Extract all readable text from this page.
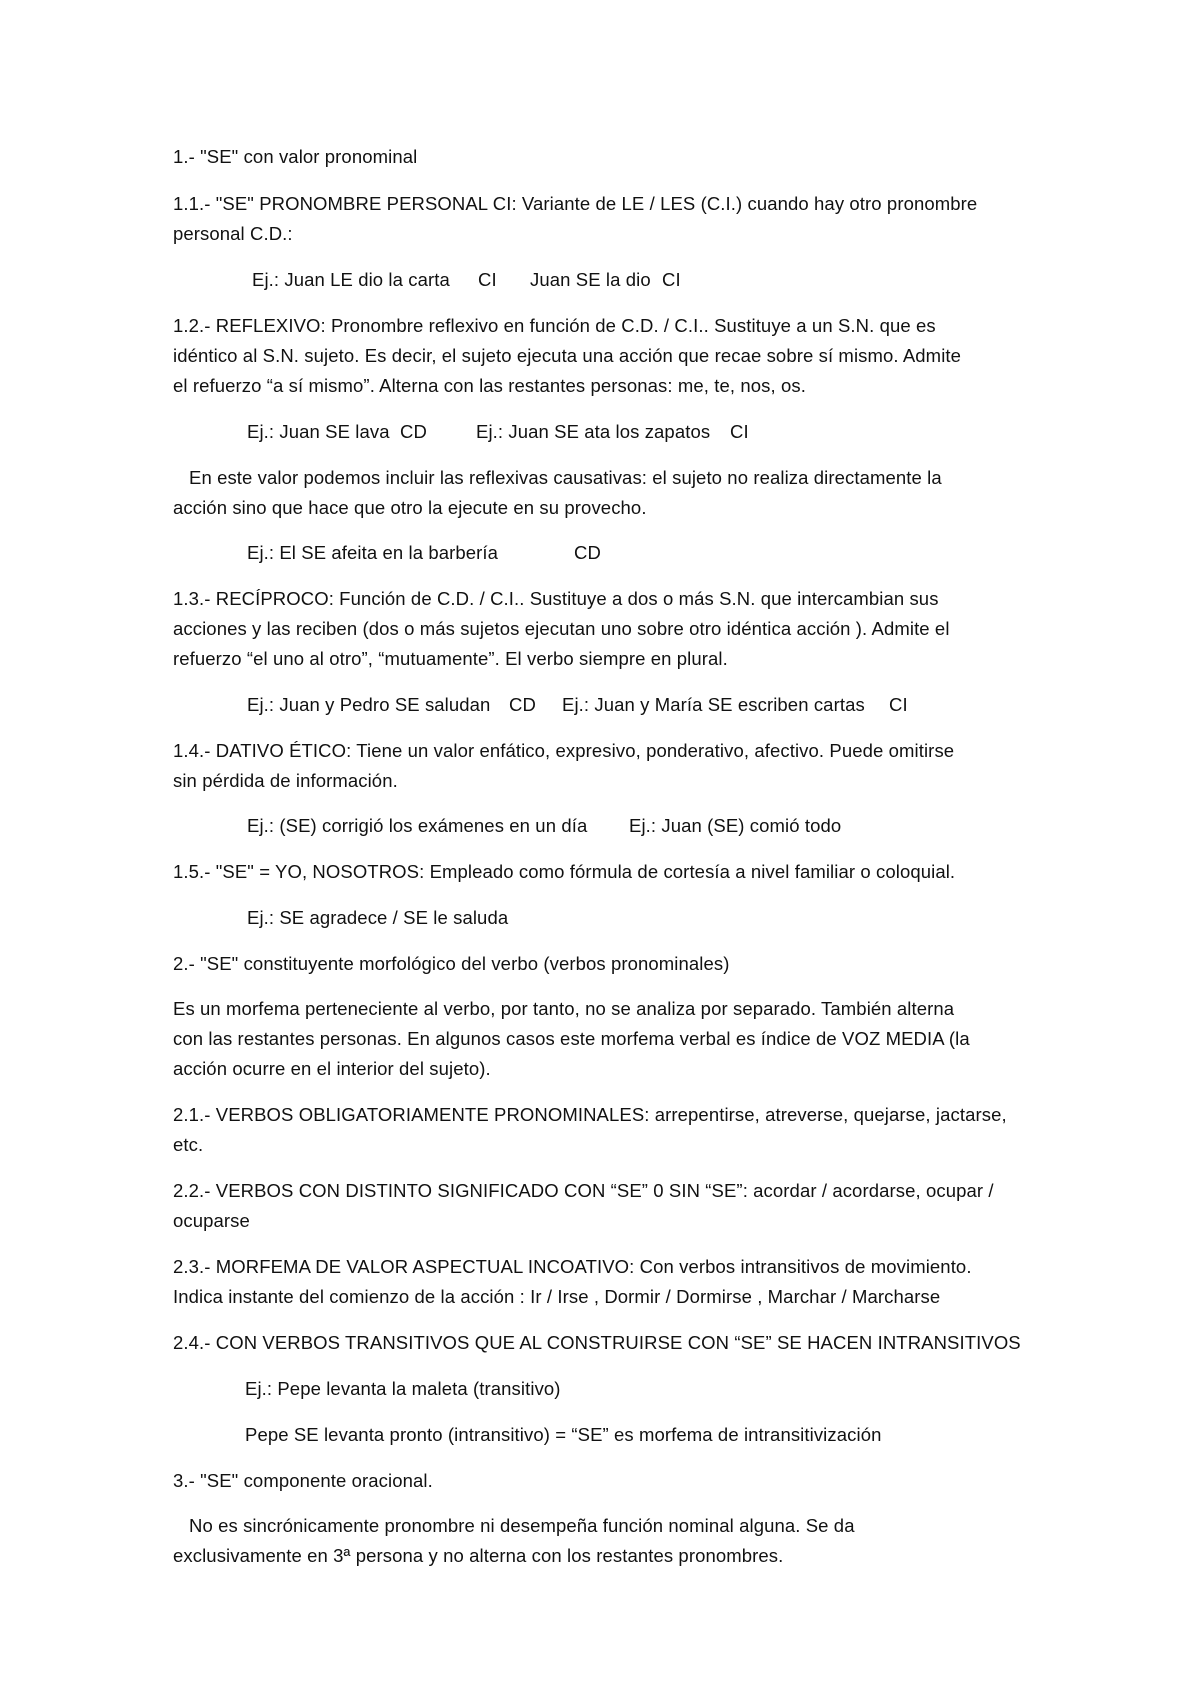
1.- "SE" con valor pronominal
1.1.- "SE" PRONOMBRE PERSONAL CI: Variante de LE / LES (C.I.) cuando hay otro pronombre
personal C.D.:
Ej.: Juan LE dio la carta CI Juan SE la dio CI
1.2.- REFLEXIVO: Pronombre reflexivo en función de C.D. / C.I.. Sustituye a un S.N. que es
idéntico al S.N. sujeto. Es decir, el sujeto ejecuta una acción que recae sobre sí mismo. Admite
el refuerzo “a sí mismo”. Alterna con las restantes personas: me, te, nos, os.
Ej.: Juan SE lava CD	Ej.: Juan SE ata los zapatos CI
En este valor podemos incluir las reflexivas causativas: el sujeto no realiza directamente la
acción sino que hace que otro la ejecute en su provecho.
Ej.: El SE afeita en la barbería	CD
1.3.- RECÍPROCO: Función de C.D. / C.I.. Sustituye a dos o más S.N. que intercambian sus
acciones y las reciben (dos o más sujetos ejecutan uno sobre otro idéntica acción ). Admite el
refuerzo “el uno al otro”, “mutuamente”. El verbo siempre en plural.
Ej.: Juan y Pedro SE saludan CD Ej.: Juan y María SE escriben cartas CI
1.4.- DATIVO ÉTICO: Tiene un valor enfático, expresivo, ponderativo, afectivo. Puede omitirse
sin pérdida de información.
Ej.: (SE) corrigió los exámenes en un día Ej.: Juan (SE) comió todo
1.5.- "SE" = YO, NOSOTROS: Empleado como fórmula de cortesía a nivel familiar o coloquial.
Ej.: SE agradece / SE le saluda
2.- "SE" constituyente morfológico del verbo (verbos pronominales)
Es un morfema perteneciente al verbo, por tanto, no se analiza por separado. También alterna
con las restantes personas. En algunos casos este morfema verbal es índice de VOZ MEDIA (la
acción ocurre en el interior del sujeto).
2.1.- VERBOS OBLIGATORIAMENTE PRONOMINALES: arrepentirse, atreverse, quejarse, jactarse,
etc.
2.2.- VERBOS CON DISTINTO SIGNIFICADO CON “SE” 0 SIN “SE”: acordar / acordarse, ocupar /
ocuparse
2.3.- MORFEMA DE VALOR ASPECTUAL INCOATIVO: Con verbos intransitivos de movimiento.
Indica instante del comienzo de la acción : Ir / Irse , Dormir / Dormirse , Marchar / Marcharse
2.4.- CON VERBOS TRANSITIVOS QUE AL CONSTRUIRSE CON “SE” SE HACEN INTRANSITIVOS
Ej.: Pepe levanta la maleta (transitivo)
Pepe SE levanta pronto (intransitivo) = “SE” es morfema de intransitivización
3.- "SE" componente oracional.
No es sincrónicamente pronombre ni desempeña función nominal alguna. Se da
exclusivamente en 3ª persona y no alterna con los restantes pronombres.
